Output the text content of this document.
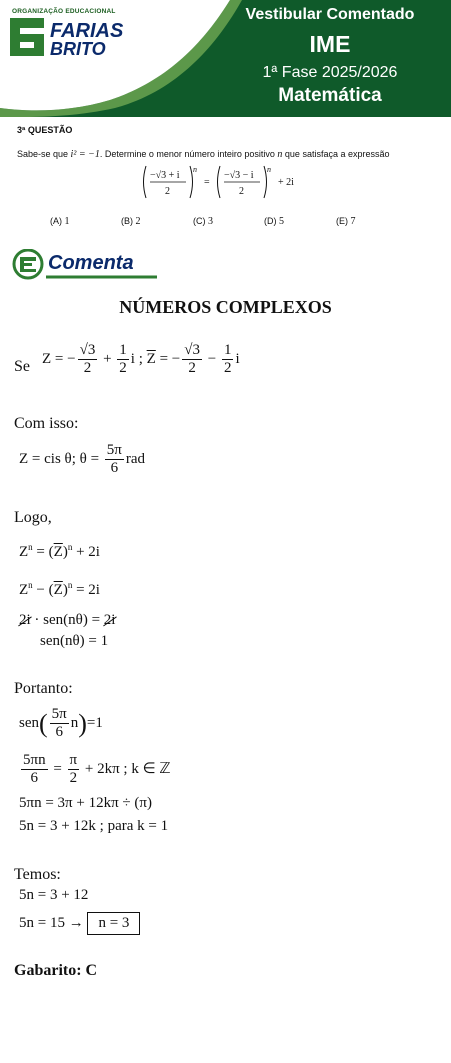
ORGANIZAÇÃO EDUCACIONAL
FARIAS
BRITO
Vestibular Comentado
IME
1ª Fase 2025/2026
Matemática
3ª QUESTÃO
Sabe-se que i² = −1. Determine o menor número inteiro positivo n que satisfaça a expressão
−√3 + i
2
n
=
−√3 − i
2
n
+ 2i
(A) 1	(B) 2	(C) 3	(D) 5	(E) 7
Comenta
NÚMEROS COMPLEXOS
Se Z = − $\frac{√3}{2} + \frac{1}{2}$ i ; $\overline{Z}$ = − $\frac{√3}{2} - \frac{1}{2}$ i
Com isso:
Z = cis θ; $\theta = \frac{5\pi}{6}$ rad
Logo,
$Z^n = (\overline{Z})^n + 2i$
$Z^n - (\overline{Z})^n = 2i$
2i · sen(nθ) = 2i
sen(nθ) = 1
Portanto:
$sen( \frac{5\pi}{6} n)=1$
$\frac{5\pi n}{6} = \frac{\pi}{2} + 2k\pi$ ; k ∈ ℤ
5πn = 3π + 12kπ ÷ (π)
5n = 3 + 12k ; para k = 1
Temos:
5n = 3 + 12
5n = 15 → n = 3
Gabarito: C
